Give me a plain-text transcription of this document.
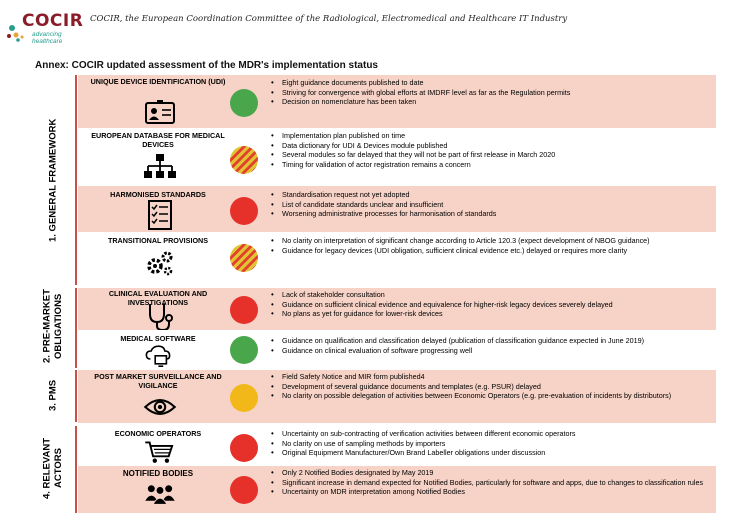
COCIR
advancing healthcare
COCIR, the European Coordination Committee of the Radiological, Electromedical and Healthcare IT Industry
Annex: COCIR updated assessment of the MDR's implementation status
1. GENERAL FRAMEWORK
2. PRE-MARKET OBLIGATIONS
3. PMS
4. RELEVANT ACTORS
UNIQUE DEVICE IDENTIFICATION (UDI)	• Eight guidance documents published to date
• Striving for convergence with global efforts at IMDRF level as far as the Regulation permits
• Decision on nomenclature has been taken
EUROPEAN DATABASE FOR MEDICAL DEVICES
• Implementation plan published on time
• Data dictionary for UDI & Devices module published
• Several modules so far delayed that they will not be part of first release in March 2020
• Timing for validation of actor registration remains a concern
HARMONISED STANDARDS	• Standardisation request not yet adopted
• List of candidate standards unclear and insufficient
• Worsening administrative processes for harmonisation of standards
TRANSITIONAL PROVISIONS	• No clarity on interpretation of significant change according to Article 120.3 (expect development of NBOG guidance)
• Guidance for legacy devices (UDI obligation, sufficient clinical evidence etc.) delayed or requires more clarity
CLINICAL EVALUATION AND INVESTIGATIONS
• Lack of stakeholder consultation
• Guidance on sufficient clinical evidence and equivalence for higher-risk legacy devices severely delayed
• No plans as yet for guidance for lower-risk devices
MEDICAL SOFTWARE	• Guidance on qualification and classification delayed (publication of classification guidance expected in June 2019)
• Guidance on clinical evaluation of software progressing well
POST MARKET SURVEILLANCE AND VIGILANCE
• Field Safety Notice and MIR form published4
• Development of several guidance documents and templates (e.g. PSUR) delayed
• No clarity on possible delegation of activities between Economic Operators (e.g. pre-evaluation of incidents by distributors)
ECONOMIC OPERATORS	• Uncertainty on sub-contracting of verification activities between different economic operators
• No clarity on use of sampling methods by importers
• Original Equipment Manufacturer/Own Brand Labeller obligations under discussion
NOTIFIED BODIES	• Only 2 Notified Bodies designated by May 2019
• Significant increase in demand expected for Notified Bodies, particularly for software and apps, due to changes to classification rules
• Uncertainty on MDR interpretation among Notified Bodies
